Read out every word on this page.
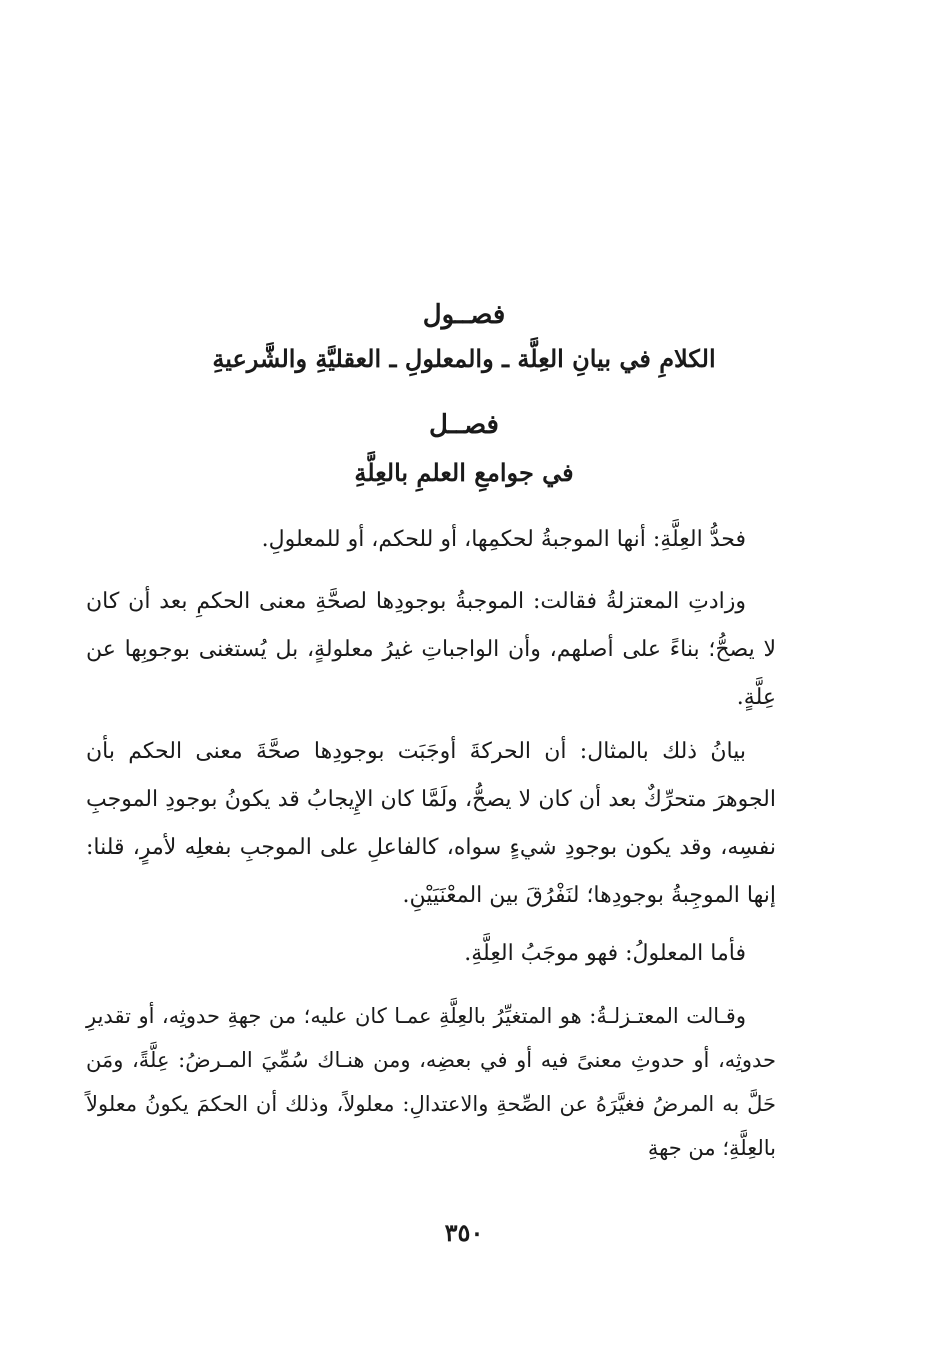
فصــول
الكلامِ في بيانِ العِلَّة ـ والمعلولِ ـ العقليَّةِ والشَّرعيةِ
فصــل
في جوامعِ العلمِ بالعِلَّةِ

فحدُّ العِلَّةِ: أنها الموجبةُ لحكمِها، أو للحكم، أو للمعلولِ.

وزادتِ المعتزلةُ فقالت: الموجبةُ بوجودِها لصحَّةِ معنى الحكمِ بعد أن كان لا يصحُّ؛ بناءً على أصلهم، وأن الواجباتِ غيرُ معلولةٍ، بل يُستغنى بوجوبِها عن عِلَّةٍ.

بيانُ ذلك بالمثال: أن الحركةَ أوجَبَت بوجودِها صحَّةَ معنى الحكم بأن الجوهرَ متحرِّكٌ بعد أن كان لا يصحُّ، ولَمَّا كان الإِيجابُ قد يكونُ بوجودِ الموجبِ نفسِه، وقد يكون بوجودِ شيءٍ سواه، كالفاعلِ على الموجبِ بفعلِه لأمرٍ، قلنا: إنها الموجِبةُ بوجودِها؛ لنَفْرُقَ بين المعْنَيَيْنِ.

فأما المعلولُ: فهو موجَبُ العِلَّةِ.

وقـالت المعتـزلـةُ: هو المتغيِّرُ بالعِلَّةِ عمـا كان عليه؛ من جهةِ حدوثِه، أو تقديرِ حدوثِه، أو حدوثِ معنىً فيه أو في بعضِه، ومن هنـاك سُمِّيَ المـرضُ: عِلَّةً، ومَن حَلَّ به المرضُ فغيَّرَهُ عن الصِّحةِ والاعتدالِ: معلولاً، وذلك أن الحكمَ يكونُ معلولاً بالعِلَّةِ؛ من جهةِ

٣٥٠
